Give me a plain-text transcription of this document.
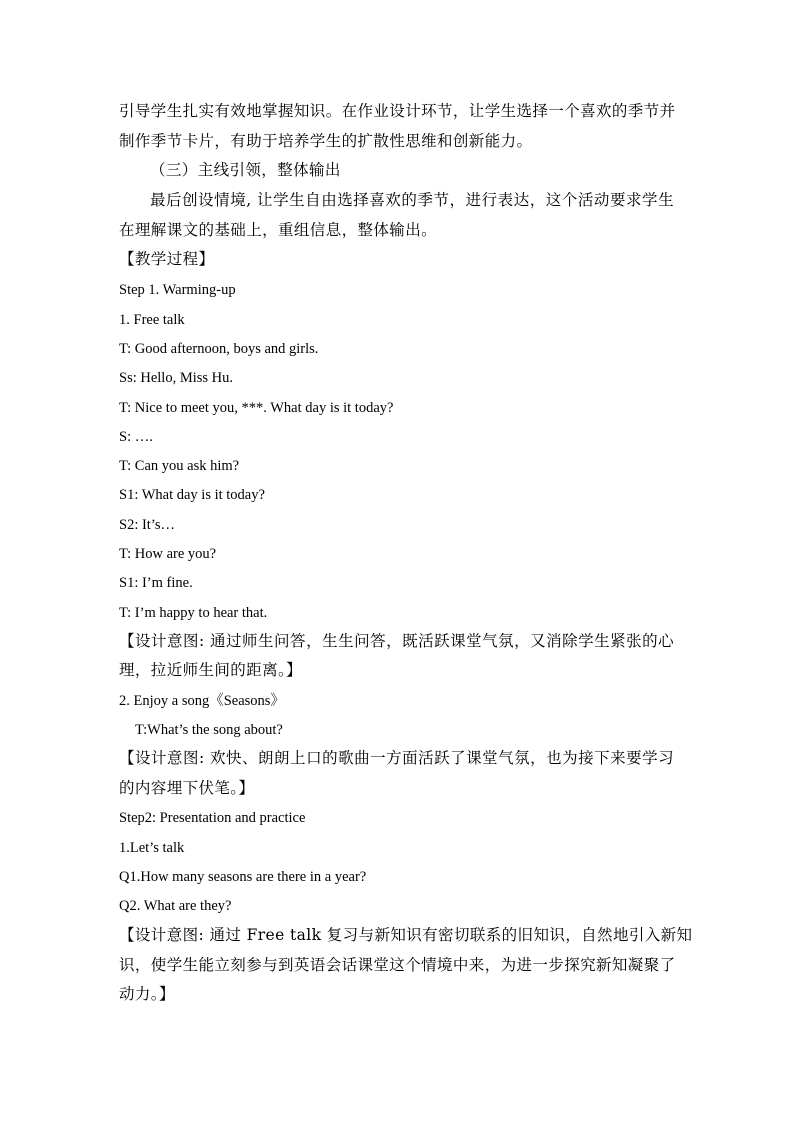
引导学生扎实有效地掌握知识。在作业设计环节，让学生选择一个喜欢的季节并
制作季节卡片，有助于培养学生的扩散性思维和创新能力。
（三）主线引领，整体输出
最后创设情境, 让学生自由选择喜欢的季节，进行表达，这个活动要求学生
在理解课文的基础上，重组信息，整体输出。
【教学过程】
Step 1. Warming-up
1. Free talk
T: Good afternoon, boys and girls.
Ss: Hello, Miss Hu.
T: Nice to meet you, ***. What day is it today?
S: ….
T: Can you ask him?
S1: What day is it today?
S2: It’s…
T: How are you?
S1: I’m fine.
T: I’m happy to hear that.
【设计意图: 通过师生问答，生生问答，既活跃课堂气氛，又消除学生紧张的心
理，拉近师生间的距离。】
2. Enjoy a song《Seasons》
T:What’s the song about?
【设计意图: 欢快、朗朗上口的歌曲一方面活跃了课堂气氛，也为接下来要学习
的内容埋下伏笔。】
Step2: Presentation and practice
1.Let’s talk
Q1.How many seasons are there in a year?
Q2. What are they?
【设计意图: 通过 Free talk 复习与新知识有密切联系的旧知识，自然地引入新知
识，使学生能立刻参与到英语会话课堂这个情境中来，为进一步探究新知凝聚了
动力。】
